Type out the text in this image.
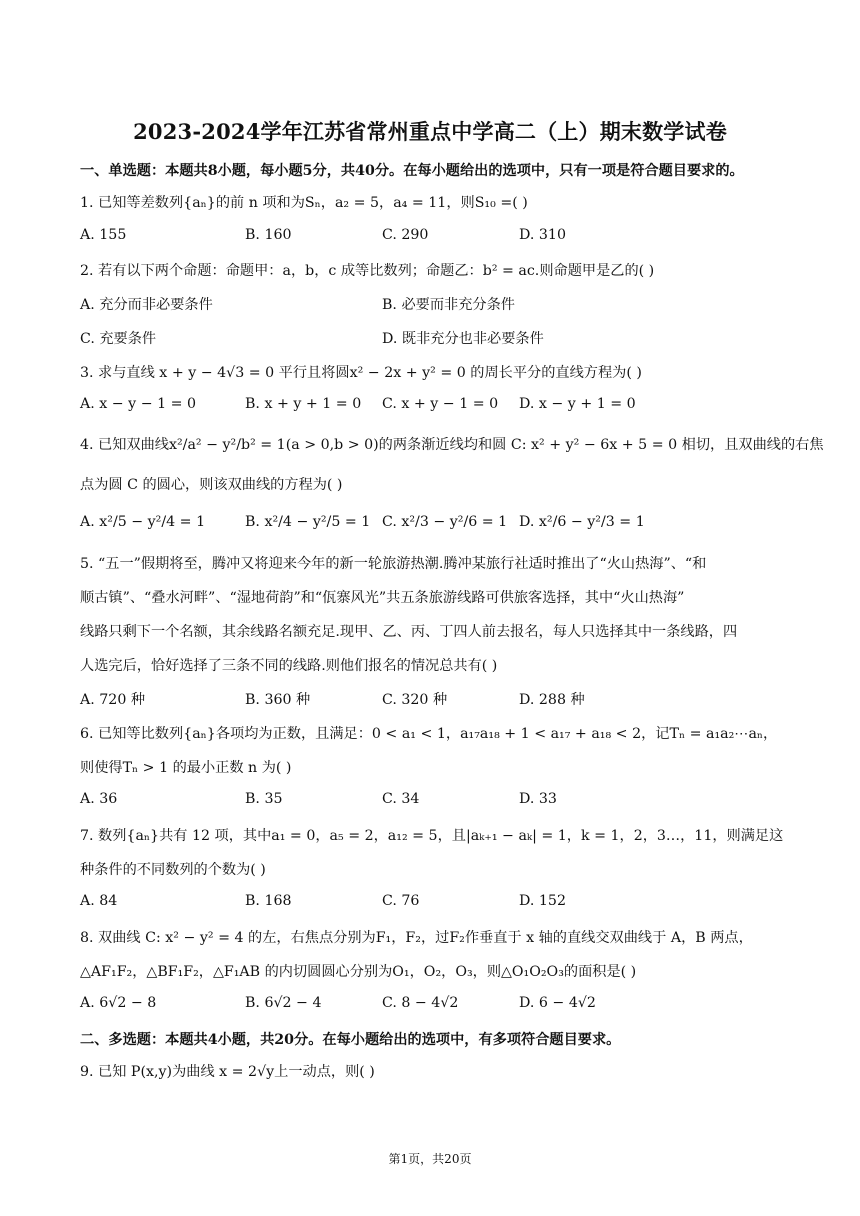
2023-2024学年江苏省常州重点中学高二（上）期末数学试卷
一、单选题：本题共8小题，每小题5分，共40分。在每小题给出的选项中，只有一项是符合题目要求的。
1. 已知等差数列{aₙ}的前 n 项和为Sₙ，a₂ = 5，a₄ = 11，则S₁₀ =( )
A. 155	B. 160	C. 290	D. 310
2. 若有以下两个命题：命题甲：a，b，c 成等比数列；命题乙：b² = ac.则命题甲是乙的( )
A. 充分而非必要条件	B. 必要而非充分条件
C. 充要条件	D. 既非充分也非必要条件
3. 求与直线 x + y − 4√3 = 0 平行且将圆x² − 2x + y² = 0 的周长平分的直线方程为( )
A. x − y − 1 = 0	B. x + y + 1 = 0 C. x + y − 1 = 0 D. x − y + 1 = 0
4. 已知双曲线x²/a² − y²/b² = 1(a > 0,b > 0)的两条渐近线均和圆 C: x² + y² − 6x + 5 = 0 相切，且双曲线的右焦
点为圆 C 的圆心，则该双曲线的方程为( )
A. x²/5 − y²/4 = 1	B. x²/4 − y²/5 = 1 C. x²/3 − y²/6 = 1 D. x²/6 − y²/3 = 1
5. “五一”假期将至，腾冲又将迎来今年的新一轮旅游热潮.腾冲某旅行社适时推出了“火山热海”、“和
顺古镇”、“叠水河畔”、“湿地荷韵”和“佤寨风光”共五条旅游线路可供旅客选择，其中“火山热海”
线路只剩下一个名额，其余线路名额充足.现甲、乙、丙、丁四人前去报名，每人只选择其中一条线路，四
人选完后，恰好选择了三条不同的线路.则他们报名的情况总共有( )
A. 720 种	B. 360 种	C. 320 种	D. 288 种
6. 已知等比数列{aₙ}各项均为正数，且满足：0 < a₁ < 1，a₁₇a₁₈ + 1 < a₁₇ + a₁₈ < 2，记Tₙ = a₁a₂⋯aₙ，
则使得Tₙ > 1 的最小正数 n 为( )
A. 36	B. 35	C. 34	D. 33
7. 数列{aₙ}共有 12 项，其中a₁ = 0，a₅ = 2，a₁₂ = 5，且|aₖ₊₁ − aₖ| = 1，k = 1，2，3…，11，则满足这
种条件的不同数列的个数为( )
A. 84	B. 168	C. 76	D. 152
8. 双曲线 C: x² − y² = 4 的左，右焦点分别为F₁，F₂，过F₂作垂直于 x 轴的直线交双曲线于 A，B 两点，
△AF₁F₂，△BF₁F₂，△F₁AB 的内切圆圆心分别为O₁，O₂，O₃，则△O₁O₂O₃的面积是( )
A. 6√2 − 8	B. 6√2 − 4	C. 8 − 4√2	D. 6 − 4√2
二、多选题：本题共4小题，共20分。在每小题给出的选项中，有多项符合题目要求。
9. 已知 P(x,y)为曲线 x = 2√y上一动点，则( )
第1页，共20页
